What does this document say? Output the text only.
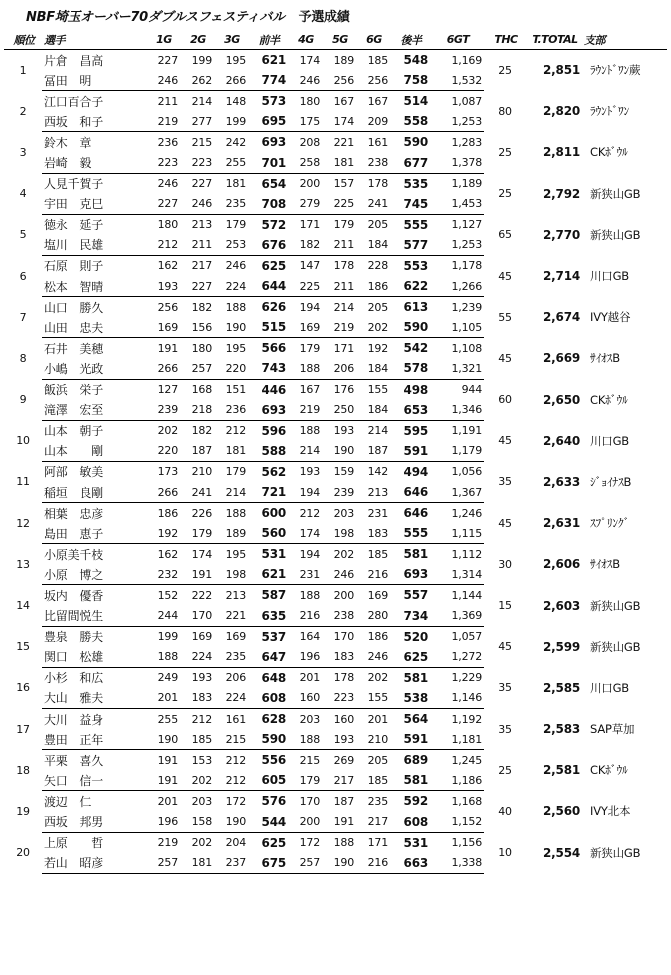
NBF埼玉オーバー70ダブルスフェスティバル 予選成績
順位	選手	1G	2G	3G	前半	4G	5G	6G	後半	6GT	THC	T.TOTAL	支部
1	片倉　昌高	227	199	195	621	174	189	185	548	1,169	25	2,851	ﾗｳﾝﾄﾞﾜﾝ蕨
	冨田　明	246	262	266	774	246	256	256	758	1,532			
2	江口百合子	211	214	148	573	180	167	167	514	1,087	80	2,820	ﾗｳﾝﾄﾞﾜﾝ
	西坂　和子	219	277	199	695	175	174	209	558	1,253			
3	鈴木　章	236	215	242	693	208	221	161	590	1,283	25	2,811	CKﾎﾞｳﾙ
	岩崎　毅	223	223	255	701	258	181	238	677	1,378			
4	人見千賀子	246	227	181	654	200	157	178	535	1,189	25	2,792	新狭山GB
	宇田　克巳	227	246	235	708	279	225	241	745	1,453			
5	徳永　延子	180	213	179	572	171	179	205	555	1,127	65	2,770	新狭山GB
	塩川　民雄	212	211	253	676	182	211	184	577	1,253			
6	石原　則子	162	217	246	625	147	178	228	553	1,178	45	2,714	川口GB
	松本　智晴	193	227	224	644	225	211	186	622	1,266			
7	山口　勝久	256	182	188	626	194	214	205	613	1,239	55	2,674	IVY越谷
	山田　忠夫	169	156	190	515	169	219	202	590	1,105			
8	石井　美穂	191	180	195	566	179	171	192	542	1,108	45	2,669	ｻｲｵｽB
	小嶋　光政	266	257	220	743	188	206	184	578	1,321			
9	飯浜　栄子	127	168	151	446	167	176	155	498	944	60	2,650	CKﾎﾞｳﾙ
	滝澤　宏至	239	218	236	693	219	250	184	653	1,346			
10	山本　朝子	202	182	212	596	188	193	214	595	1,191	45	2,640	川口GB
	山本　　剛	220	187	181	588	214	190	187	591	1,179			
11	阿部　敏美	173	210	179	562	193	159	142	494	1,056	35	2,633	ｼﾞｮｲﾅｽB
	稲垣　良剛	266	241	214	721	194	239	213	646	1,367			
12	相葉　忠彦	186	226	188	600	212	203	231	646	1,246	45	2,631	ｽﾌﾟﾘﾝｸﾞ
	島田　恵子	192	179	189	560	174	198	183	555	1,115			
13	小原美千枝	162	174	195	531	194	202	185	581	1,112	30	2,606	ｻｲｵｽB
	小原　博之	232	191	198	621	231	246	216	693	1,314			
14	坂内　優香	152	222	213	587	188	200	169	557	1,144	15	2,603	新狭山GB
	比留間悦生	244	170	221	635	216	238	280	734	1,369			
15	豊泉　勝夫	199	169	169	537	164	170	186	520	1,057	45	2,599	新狭山GB
	関口　松雄	188	224	235	647	196	183	246	625	1,272			
16	小杉　和広	249	193	206	648	201	178	202	581	1,229	35	2,585	川口GB
	大山　雅夫	201	183	224	608	160	223	155	538	1,146			
17	大川　益身	255	212	161	628	203	160	201	564	1,192	35	2,583	SAP草加
	豊田　正年	190	185	215	590	188	193	210	591	1,181			
18	平栗　喜久	191	153	212	556	215	269	205	689	1,245	25	2,581	CKﾎﾞｳﾙ
	矢口　信一	191	202	212	605	179	217	185	581	1,186			
19	渡辺　仁	201	203	172	576	170	187	235	592	1,168	40	2,560	IVY北本
	西坂　邦男	196	158	190	544	200	191	217	608	1,152			
20	上原　　哲	219	202	204	625	172	188	171	531	1,156	10	2,554	新狭山GB
	若山　昭彦	257	181	237	675	257	190	216	663	1,338			
